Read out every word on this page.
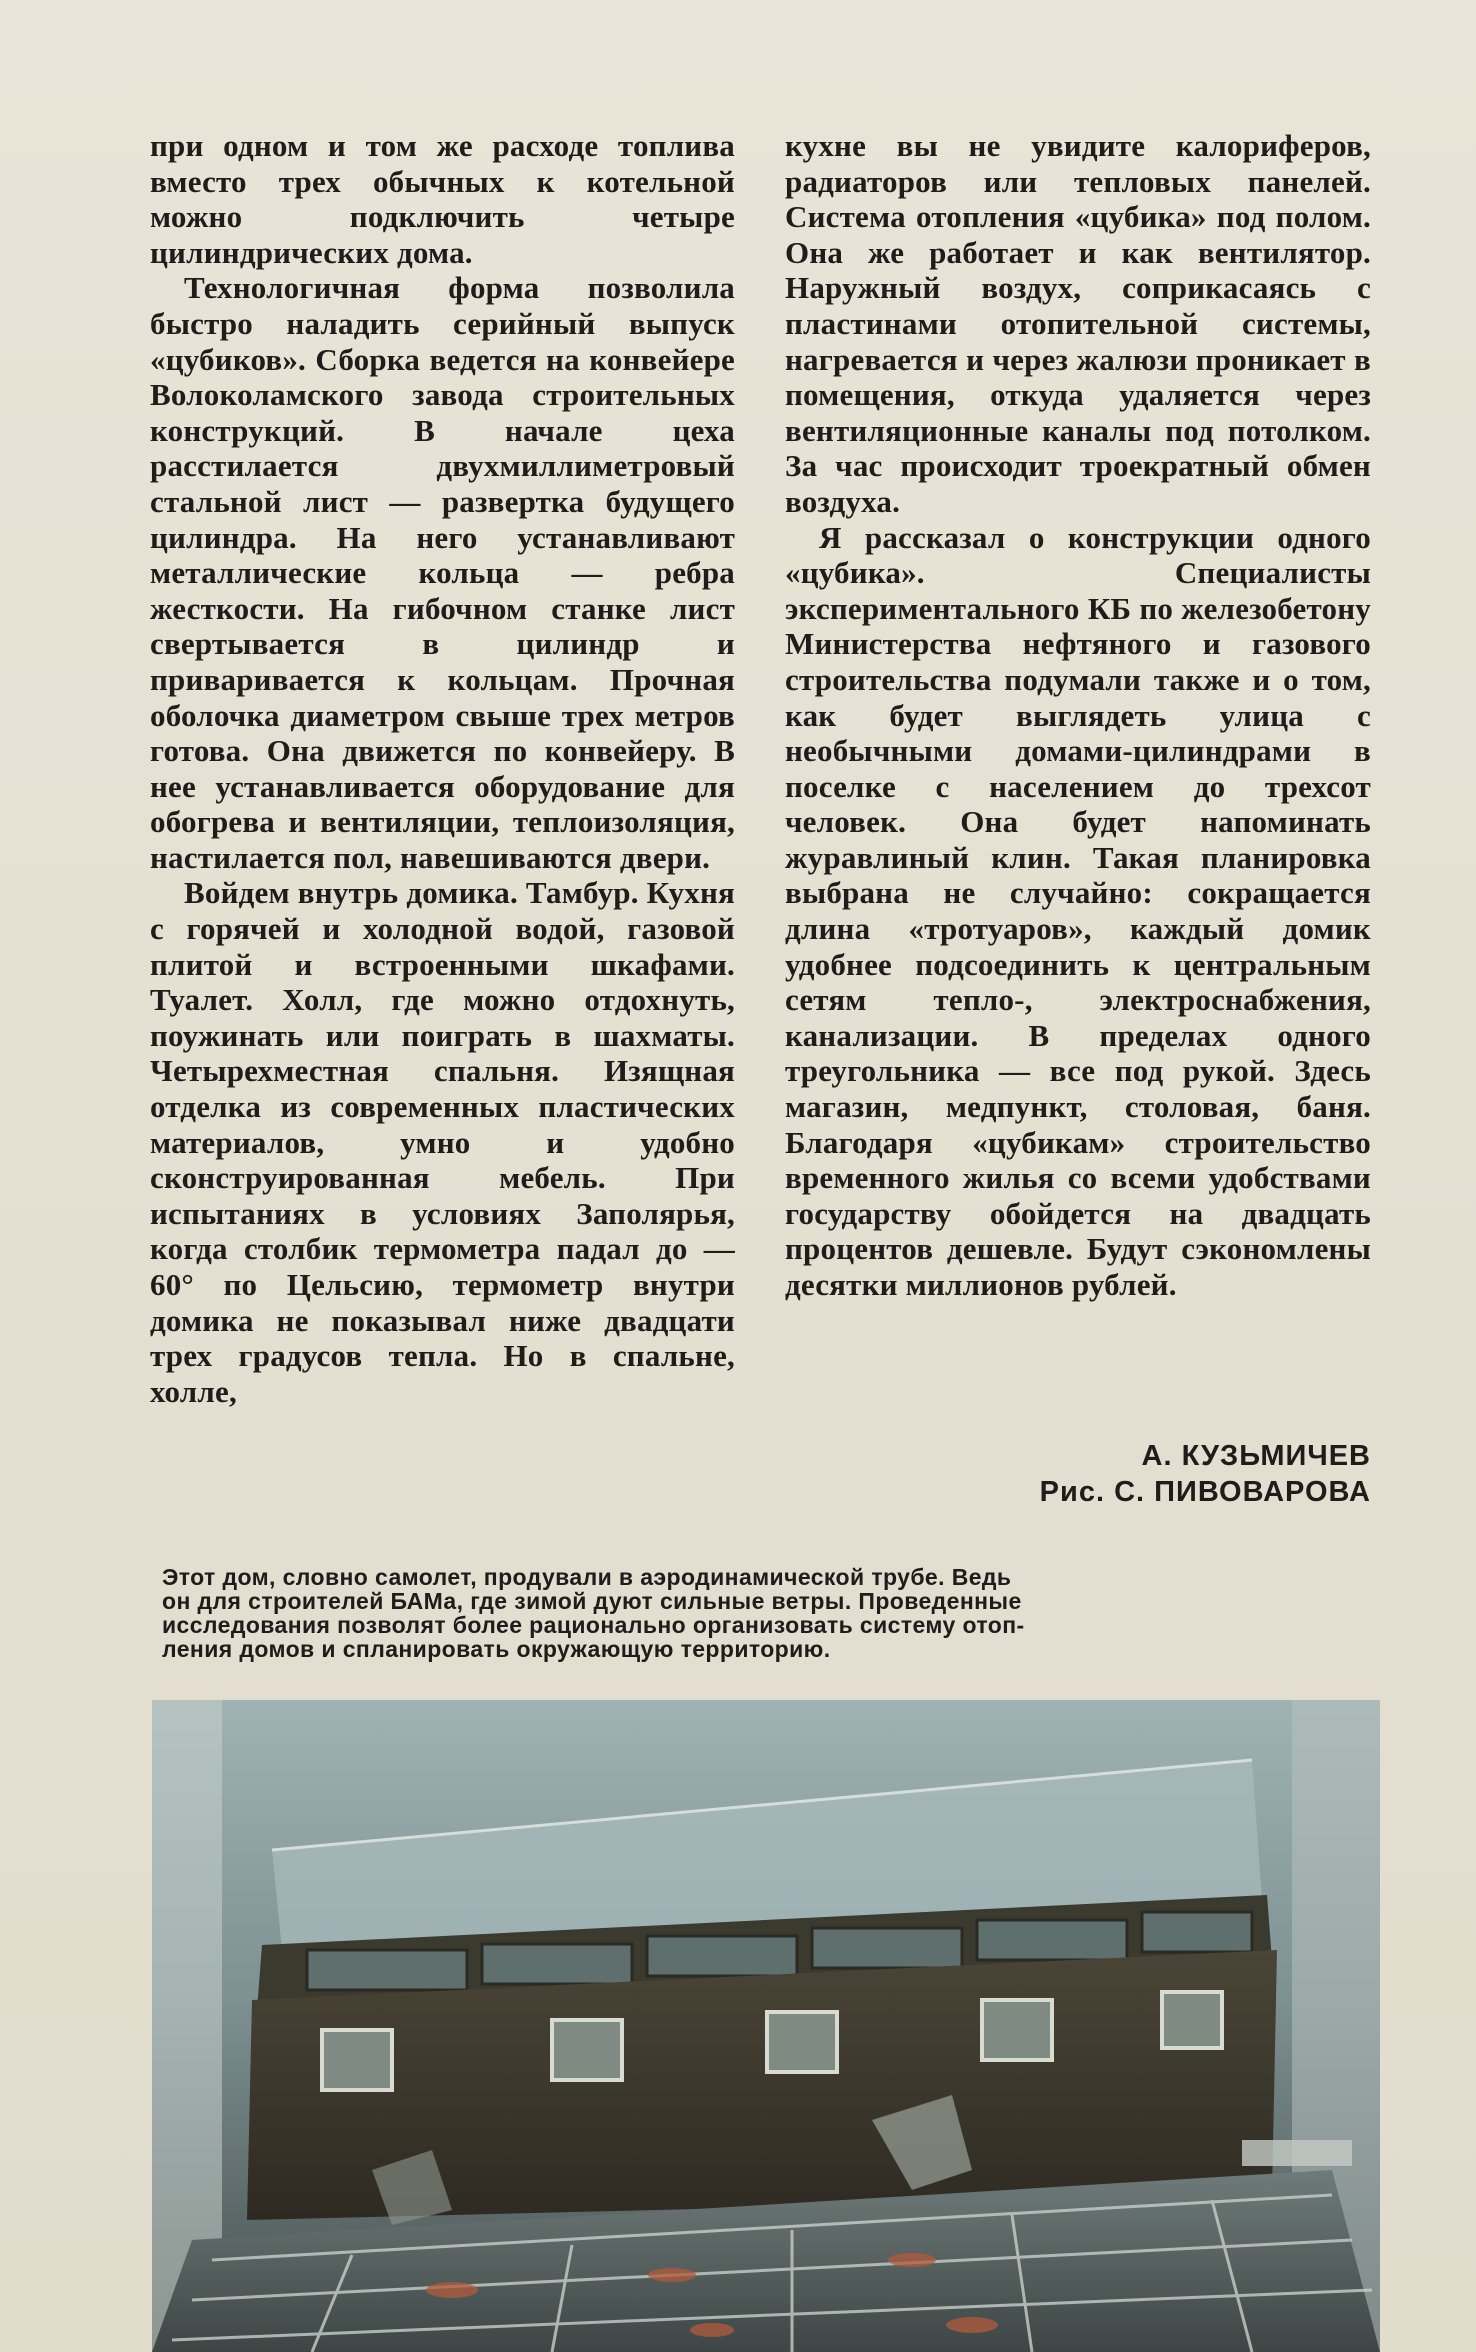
при одном и том же расходе топлива вместо трех обычных к котельной можно подключить четыре цилиндрических дома.

Технологичная форма позволила быстро наладить серийный выпуск «цубиков». Сборка ведется на конвейере Волоколамского завода строительных конструкций. В начале цеха расстилается двухмиллиметровый стальной лист — развертка будущего цилиндра. На него устанавливают металлические кольца — ребра жесткости. На гибочном станке лист свертывается в цилиндр и приваривается к кольцам. Прочная оболочка диаметром свыше трех метров готова. Она движется по конвейеру. В нее устанавливается оборудование для обогрева и вентиляции, теплоизоляция, настилается пол, навешиваются двери.

Войдем внутрь домика. Тамбур. Кухня с горячей и холодной водой, газовой плитой и встроенными шкафами. Туалет. Холл, где можно отдохнуть, поужинать или поиграть в шахматы. Четырехместная спальня. Изящная отделка из современных пластических материалов, умно и удобно сконструированная мебель. При испытаниях в условиях Заполярья, когда столбик термометра падал до —60° по Цельсию, термометр внутри домика не показывал ниже двадцати трех градусов тепла. Но в спальне, холле,

кухне вы не увидите калориферов, радиаторов или тепловых панелей. Система отопления «цубика» под полом. Она же работает и как вентилятор. Наружный воздух, соприкасаясь с пластинами отопительной системы, нагревается и через жалюзи проникает в помещения, откуда удаляется через вентиляционные каналы под потолком. За час происходит троекратный обмен воздуха.

Я рассказал о конструкции одного «цубика». Специалисты экспериментального КБ по железобетону Министерства нефтяного и газового строительства подумали также и о том, как будет выглядеть улица с необычными домами-цилиндрами в поселке с населением до трехсот человек. Она будет напоминать журавлиный клин. Такая планировка выбрана не случайно: сокращается длина «тротуаров», каждый домик удобнее подсоединить к центральным сетям тепло-, электроснабжения, канализации. В пределах одного треугольника — все под рукой. Здесь магазин, медпункт, столовая, баня. Благодаря «цубикам» строительство временного жилья со всеми удобствами государству обойдется на двадцать процентов дешевле. Будут сэкономлены десятки миллионов рублей.

А. КУЗЬМИЧЕВ
Рис. С. ПИВОВАРОВА
Этот дом, словно самолет, продували в аэродинамической трубе. Ведь
он для строителей БАМа, где зимой дуют сильные ветры. Проведенные
исследования позволят более рационально организовать систему отоп-
ления домов и спланировать окружающую территорию.
